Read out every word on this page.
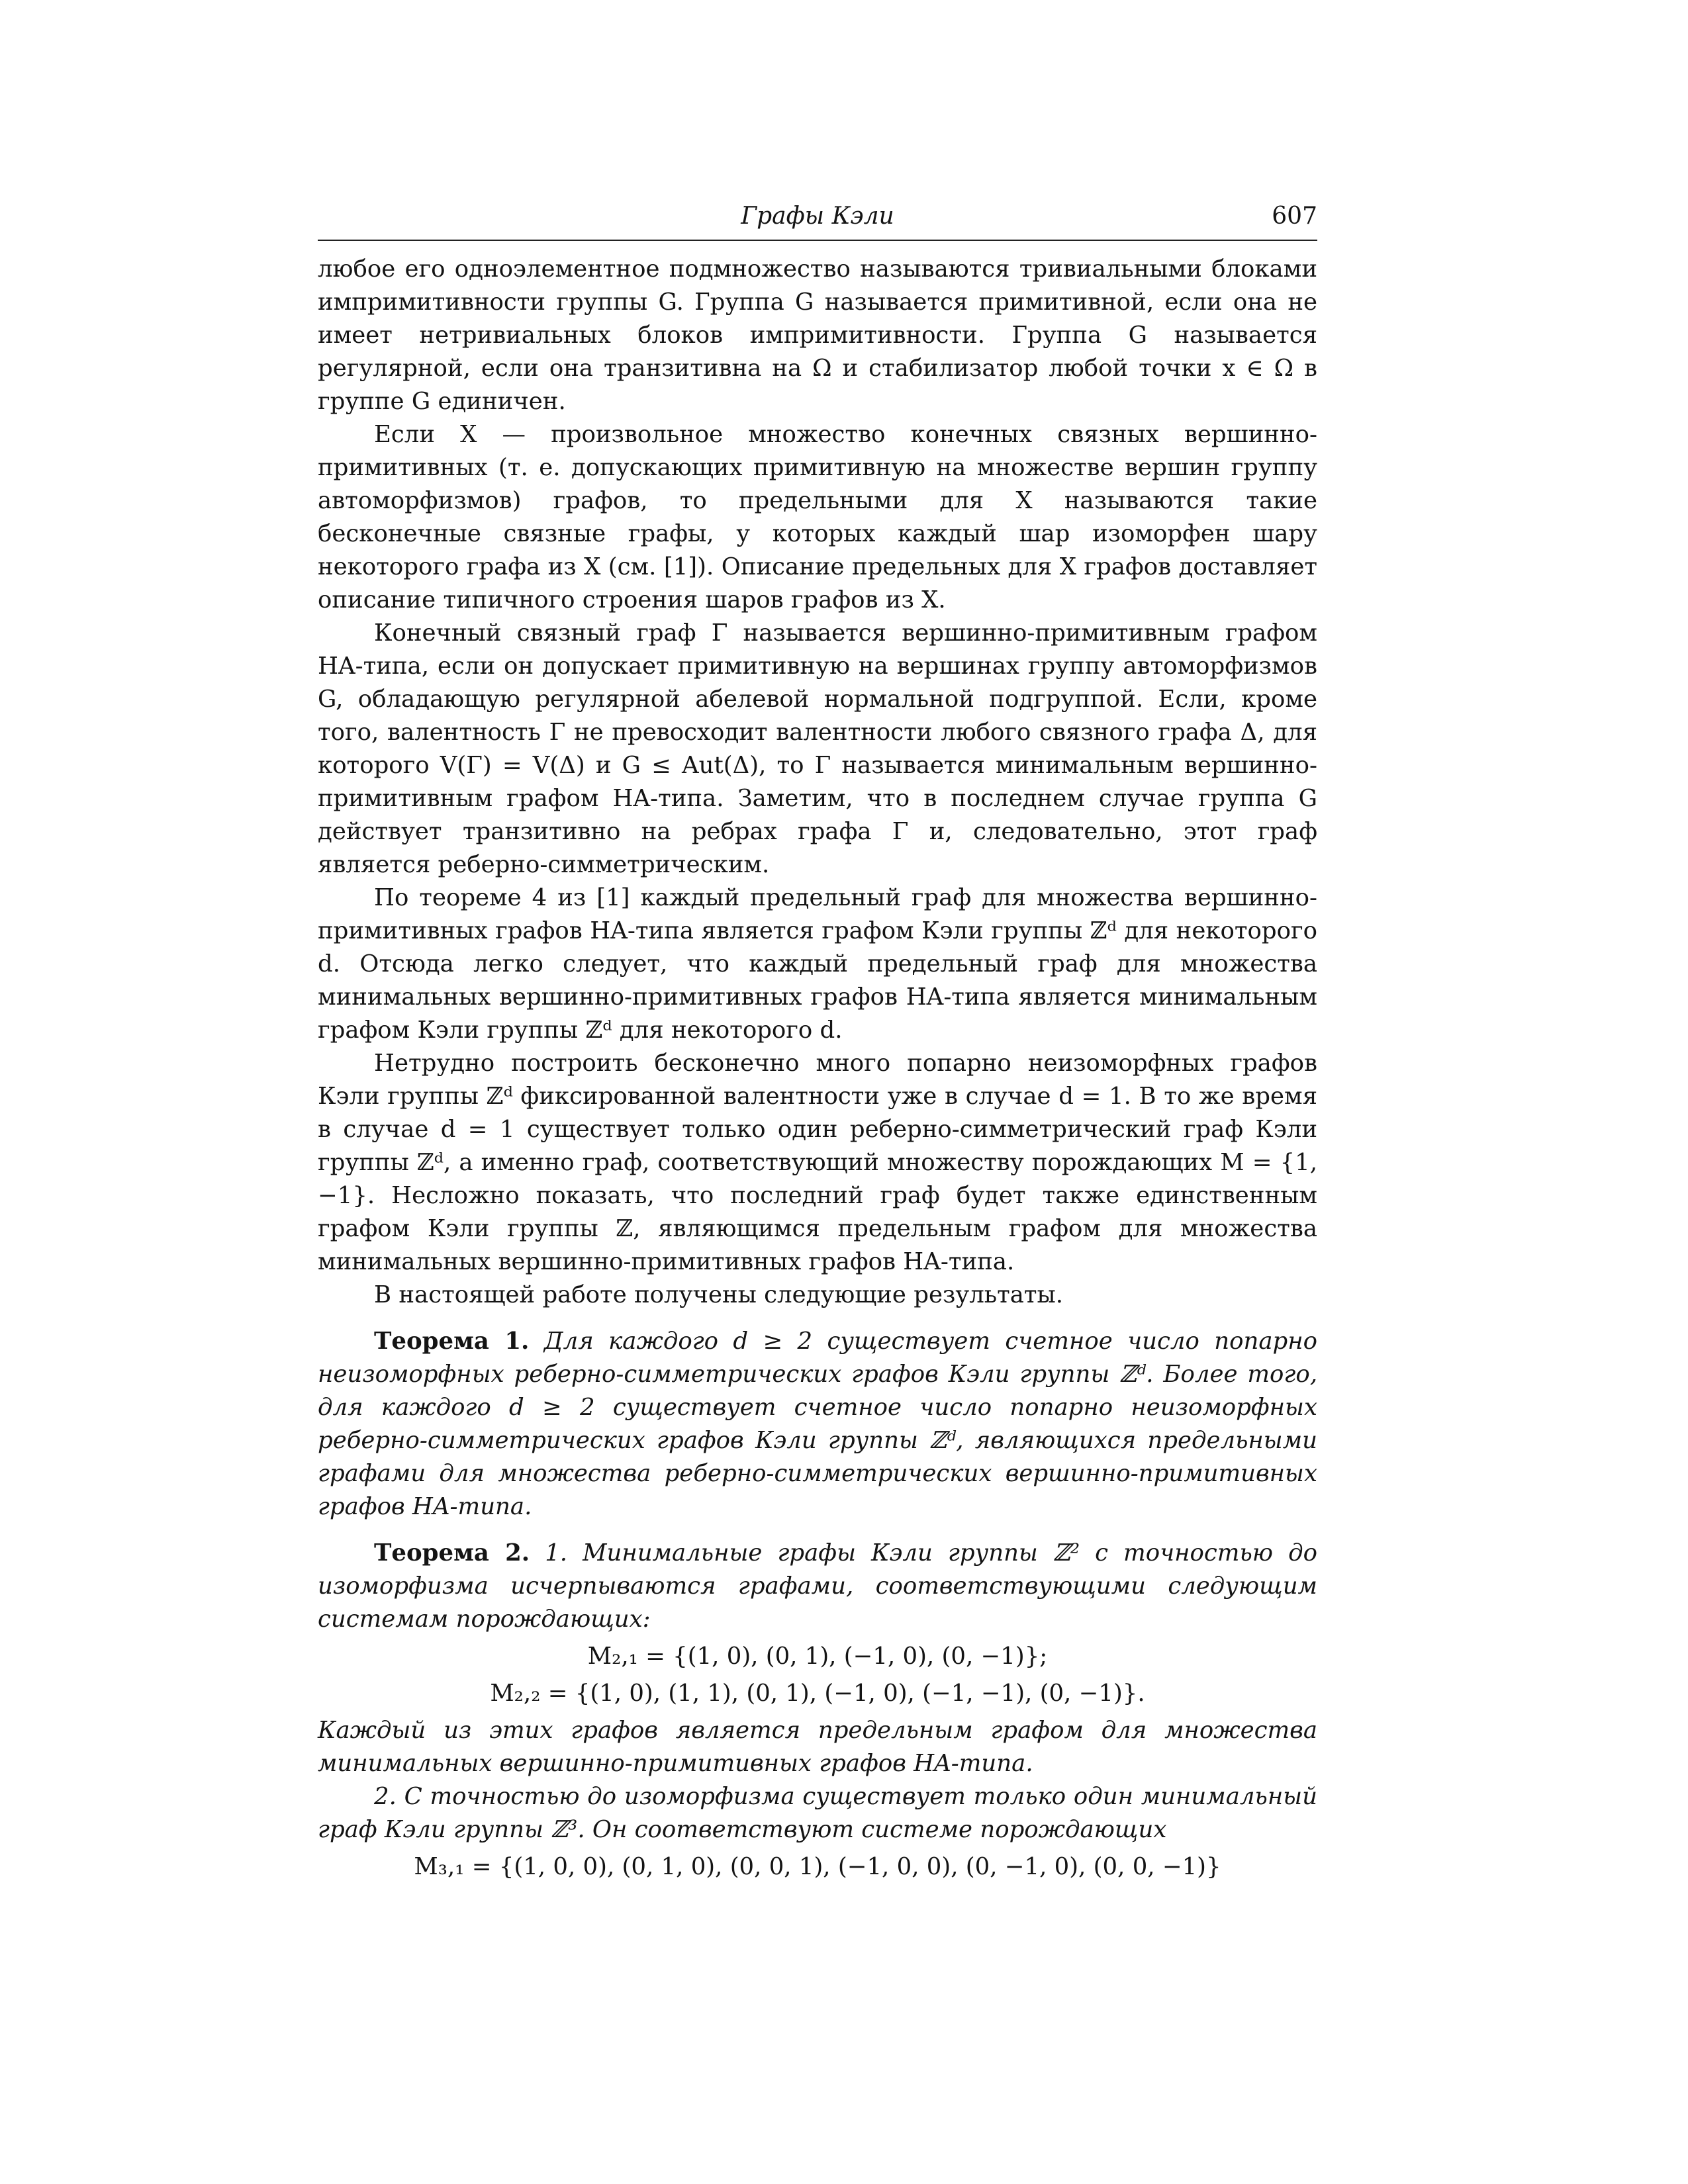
Графы Кэли	607

любое его одноэлементное подмножество называются тривиальными блоками импримитивности группы G. Группа G называется примитивной, если она не имеет нетривиальных блоков импримитивности. Группа G называется регулярной, если она транзитивна на Ω и стабилизатор любой точки x ∈ Ω в группе G единичен.

Если X — произвольное множество конечных связных вершинно-примитивных (т. е. допускающих примитивную на множестве вершин группу автоморфизмов) графов, то предельными для X называются такие бесконечные связные графы, у которых каждый шар изоморфен шару некоторого графа из X (см. [1]). Описание предельных для X графов доставляет описание типичного строения шаров графов из X.

Конечный связный граф Γ называется вершинно-примитивным графом HA-типа, если он допускает примитивную на вершинах группу автоморфизмов G, обладающую регулярной абелевой нормальной подгруппой. Если, кроме того, валентность Γ не превосходит валентности любого связного графа Δ, для которого V(Γ) = V(Δ) и G ≤ Aut(Δ), то Γ называется минимальным вершинно-примитивным графом HA-типа. Заметим, что в последнем случае группа G действует транзитивно на ребрах графа Γ и, следовательно, этот граф является реберно-симметрическим.

По теореме 4 из [1] каждый предельный граф для множества вершинно-примитивных графов HA-типа является графом Кэли группы ℤᵈ для некоторого d. Отсюда легко следует, что каждый предельный граф для множества минимальных вершинно-примитивных графов HA-типа является минимальным графом Кэли группы ℤᵈ для некоторого d.

Нетрудно построить бесконечно много попарно неизоморфных графов Кэли группы ℤᵈ фиксированной валентности уже в случае d = 1. В то же время в случае d = 1 существует только один реберно-симметрический граф Кэли группы ℤᵈ, а именно граф, соответствующий множеству порождающих M = {1, −1}. Несложно показать, что последний граф будет также единственным графом Кэли группы ℤ, являющимся предельным графом для множества минимальных вершинно-примитивных графов HA-типа.

В настоящей работе получены следующие результаты.

Теорема 1. Для каждого d ≥ 2 существует счетное число попарно неизоморфных реберно-симметрических графов Кэли группы ℤᵈ. Более того, для каждого d ≥ 2 существует счетное число попарно неизоморфных реберно-симметрических графов Кэли группы ℤᵈ, являющихся предельными графами для множества реберно-симметрических вершинно-примитивных графов HA-типа.

Теорема 2. 1. Минимальные графы Кэли группы ℤ² с точностью до изоморфизма исчерпываются графами, соответствующими следующим системам порождающих:

M₂,₁ = {(1, 0), (0, 1), (−1, 0), (0, −1)};

M₂,₂ = {(1, 0), (1, 1), (0, 1), (−1, 0), (−1, −1), (0, −1)}.

Каждый из этих графов является предельным графом для множества минимальных вершинно-примитивных графов HA-типа.

2. С точностью до изоморфизма существует только один минимальный граф Кэли группы ℤ³. Он соответствуют системе порождающих

M₃,₁ = {(1, 0, 0), (0, 1, 0), (0, 0, 1), (−1, 0, 0), (0, −1, 0), (0, 0, −1)}
